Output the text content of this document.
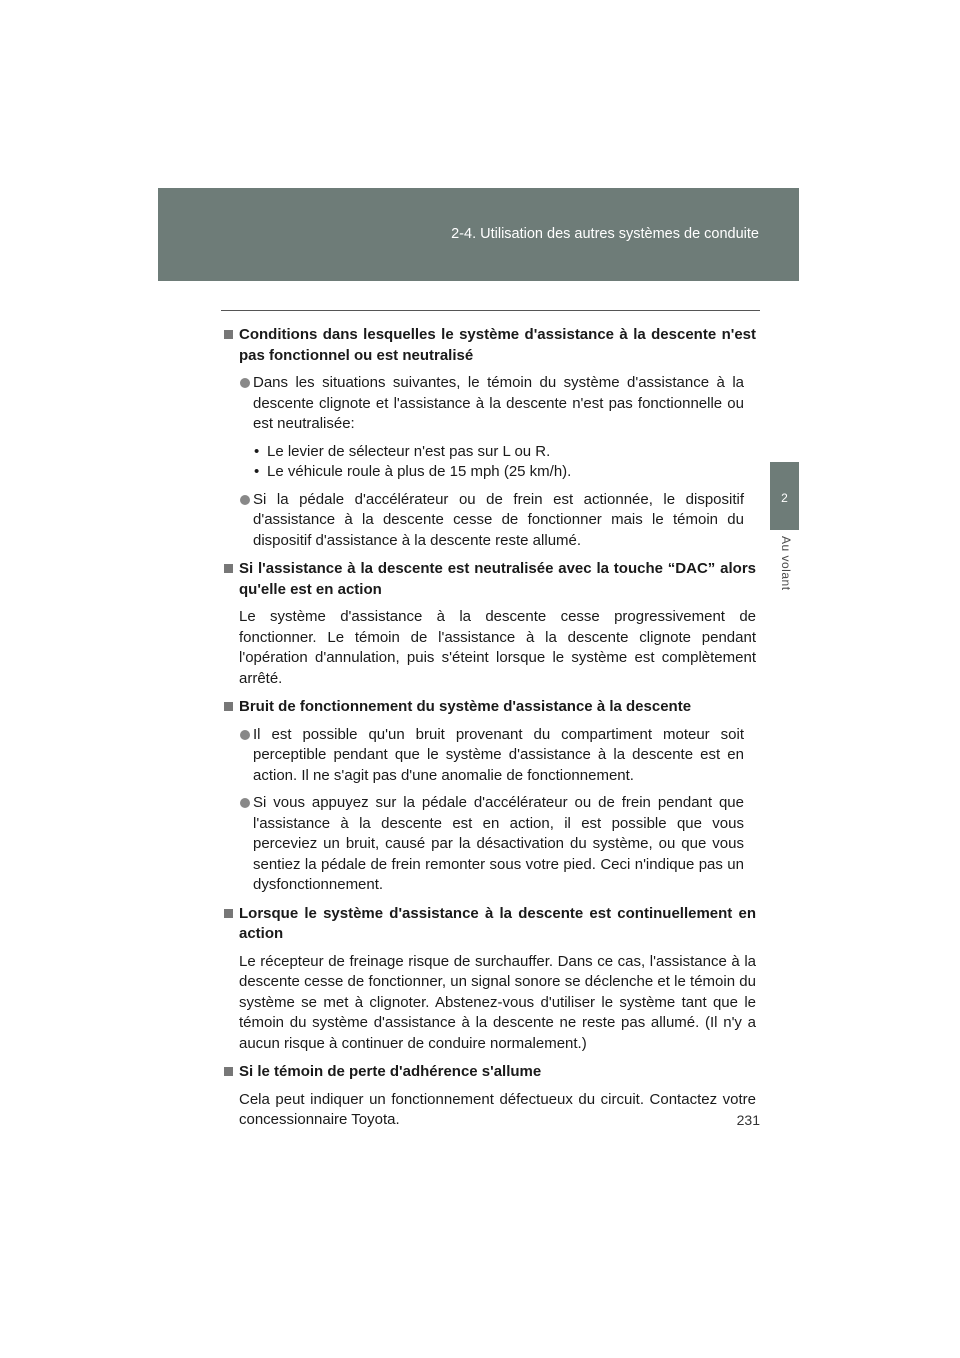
2-4. Utilisation des autres systèmes de conduite
2
Au volant
Conditions dans lesquelles le système d'assistance à la descente n'est pas fonctionnel ou est neutralisé
Dans les situations suivantes, le témoin du système d'assistance à la descente clignote et l'assistance à la descente n'est pas fonctionnelle ou est neutralisée:
• Le levier de sélecteur n'est pas sur L ou R.
• Le véhicule roule à plus de 15 mph (25 km/h).
Si la pédale d'accélérateur ou de frein est actionnée, le dispositif d'assistance à la descente cesse de fonctionner mais le témoin du dispositif d'assistance à la descente reste allumé.
Si l'assistance à la descente est neutralisée avec la touche “DAC” alors qu'elle est en action
Le système d'assistance à la descente cesse progressivement de fonctionner. Le témoin de l'assistance à la descente clignote pendant l'opération d'annulation, puis s'éteint lorsque le système est complètement arrêté.
Bruit de fonctionnement du système d'assistance à la descente
Il est possible qu'un bruit provenant du compartiment moteur soit perceptible pendant que le système d'assistance à la descente est en action. Il ne s'agit pas d'une anomalie de fonctionnement.
Si vous appuyez sur la pédale d'accélérateur ou de frein pendant que l'assistance à la descente est en action, il est possible que vous perceviez un bruit, causé par la désactivation du système, ou que vous sentiez la pédale de frein remonter sous votre pied. Ceci n'indique pas un dysfonctionnement.
Lorsque le système d'assistance à la descente est continuellement en action
Le récepteur de freinage risque de surchauffer. Dans ce cas, l'assistance à la descente cesse de fonctionner, un signal sonore se déclenche et le témoin du système se met à clignoter. Abstenez-vous d'utiliser le système tant que le témoin du système d'assistance à la descente ne reste pas allumé. (Il n'y a aucun risque à continuer de conduire normalement.)
Si le témoin de perte d'adhérence s'allume
Cela peut indiquer un fonctionnement défectueux du circuit. Contactez votre concessionnaire Toyota.	231
